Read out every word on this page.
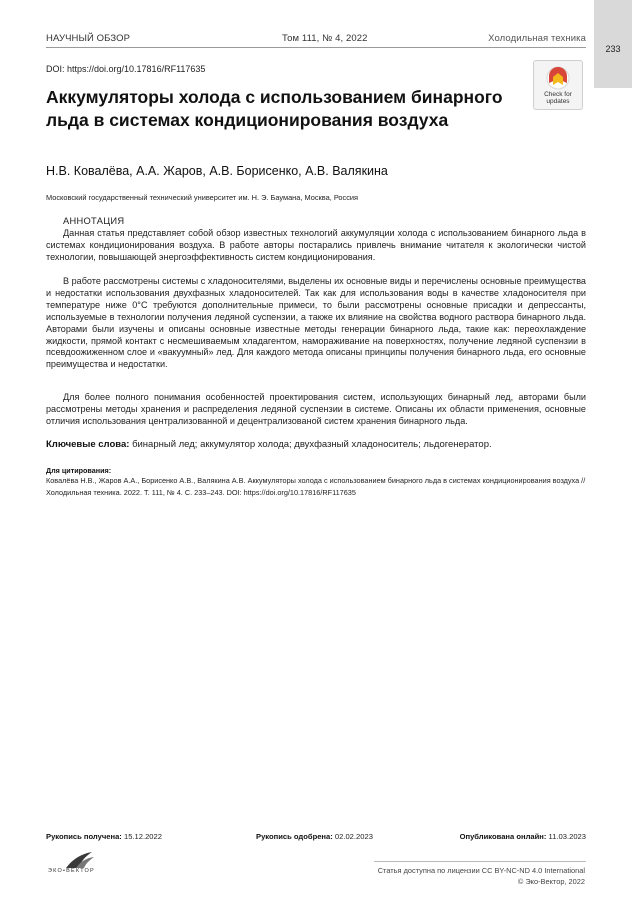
233
НАУЧНЫЙ ОБЗОР	Том 111, № 4, 2022	Холодильная техника
DOI: https://doi.org/10.17816/RF117635
Check for
updates
Аккумуляторы холода с использованием бинарного льда в системах кондиционирования воздуха
Н.В. Ковалёва, А.А. Жаров, А.В. Борисенко, А.В. Валякина
Московский государственный технический университет им. Н. Э. Баумана, Москва, Россия
АННОТАЦИЯ

Данная статья представляет собой обзор известных технологий аккумуляции холода с использованием бинарного льда в системах кондиционирования воздуха. В работе авторы постарались привлечь внимание читателя к экологически чистой технологии, повышающей энергоэффективность систем кондиционирования.

В работе рассмотрены системы с хладоносителями, выделены их основные виды и перечислены основные преимущества и недостатки использования двухфазных хладоносителей. Так как для использования воды в качестве хладоносителя при температуре ниже 0°С требуются дополнительные примеси, то были рассмотрены основные присадки и депрессанты, используемые в технологии получения ледяной суспензии, а также их влияние на свойства водного раствора бинарного льда. Авторами были изучены и описаны основные известные методы генерации бинарного льда, такие как: переохлаждение жидкости, прямой контакт с несмешиваемым хладагентом, намораживание на поверхностях, получение ледяной суспензии в псевдоожиженном слое и «вакуумный» лед. Для каждого метода описаны принципы получения бинарного льда, его основные преимущества и недостатки.

Для более полного понимания особенностей проектирования систем, использующих бинарный лед, авторами были рассмотрены методы хранения и распределения ледяной суспензии в системе. Описаны их области применения, основные отличия использования централизованной и децентрализованой систем хранения бинарного льда.

Ключевые слова: бинарный лед; аккумулятор холода; двухфазный хладоноситель; льдогенератор.
Для цитирования:
Ковалёва Н.В., Жаров А.А., Борисенко А.В., Валякина А.В. Аккумуляторы холода с использованием бинарного льда в системах кондиционирования воздуха // Холодильная техника. 2022. Т. 111, № 4. С. 233–243. DOI: https://doi.org/10.17816/RF117635
Рукопись получена: 15.12.2022	Рукопись одобрена: 02.02.2023	Опубликована онлайн: 11.03.2023
ЭКО•ВЕКТОР	Статья доступна по лицензии CC BY-NC-ND 4.0 International
© Эко-Вектор, 2022
